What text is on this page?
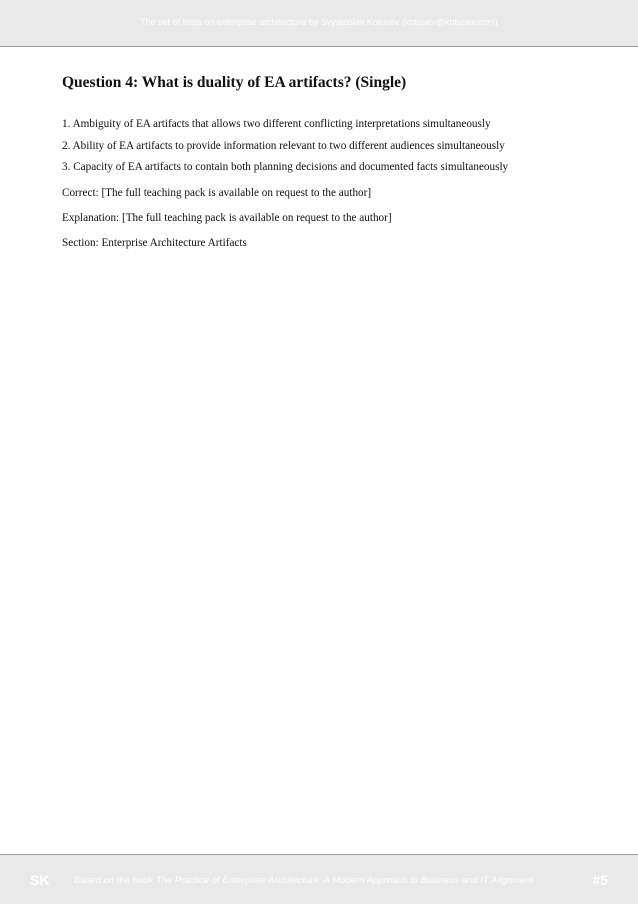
The set of tests on enterprise architecture by Svyatoslav Kotusev (kotusev@kotusev.com)
Question 4: What is duality of EA artifacts? (Single)
1. Ambiguity of EA artifacts that allows two different conflicting interpretations simultaneously
2. Ability of EA artifacts to provide information relevant to two different audiences simultaneously
3. Capacity of EA artifacts to contain both planning decisions and documented facts simultaneously
Correct: [The full teaching pack is available on request to the author]
Explanation: [The full teaching pack is available on request to the author]
Section: Enterprise Architecture Artifacts
SK	Based on the book The Practice of Enterprise Architecture: A Modern Approach to Business and IT Alignment	#5
